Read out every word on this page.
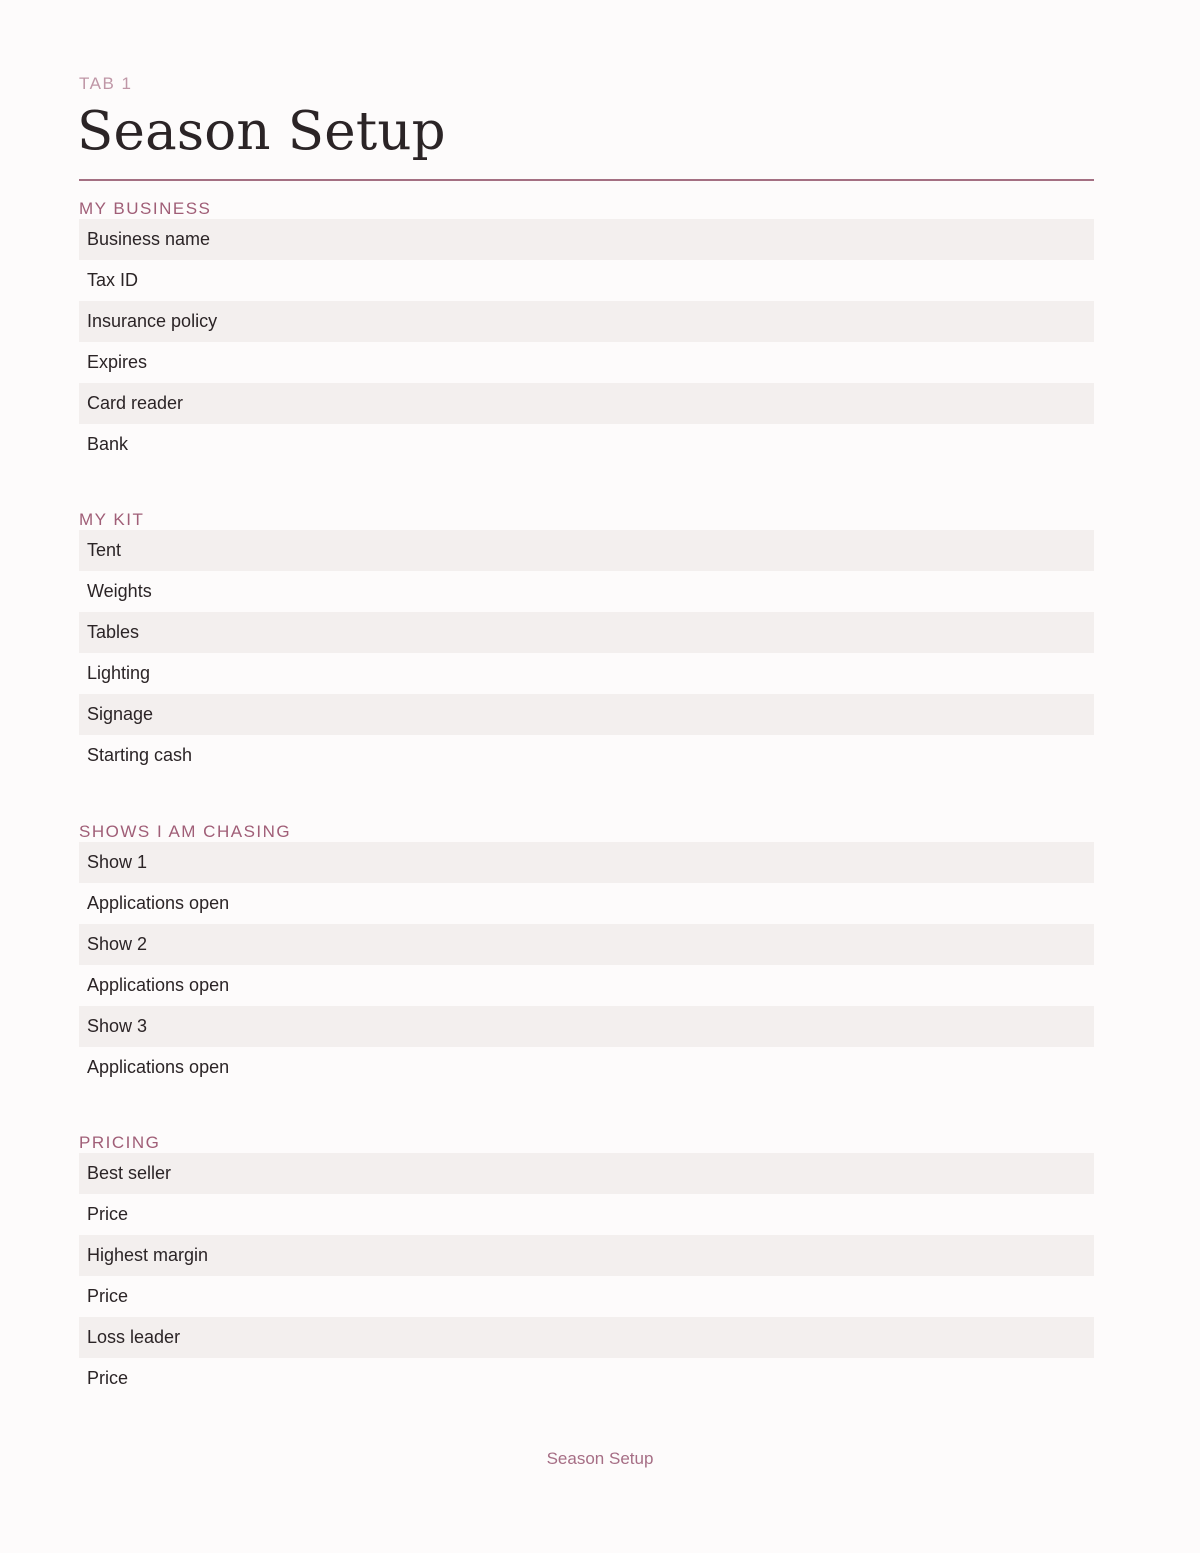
TAB 1
Season Setup
MY BUSINESS
Business name
Tax ID
Insurance policy
Expires
Card reader
Bank
MY KIT
Tent
Weights
Tables
Lighting
Signage
Starting cash
SHOWS I AM CHASING
Show 1
Applications open
Show 2
Applications open
Show 3
Applications open
PRICING
Best seller
Price
Highest margin
Price
Loss leader
Price
Season Setup
